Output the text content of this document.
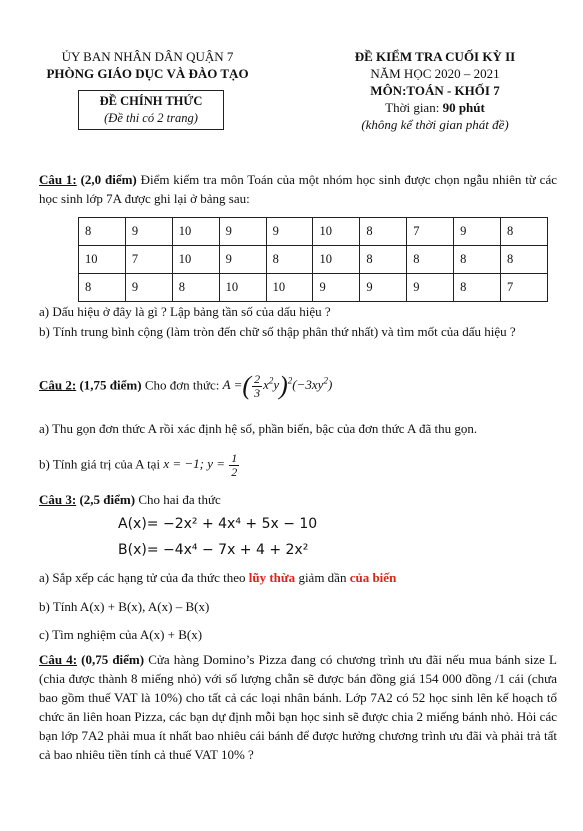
ỦY BAN NHÂN DÂN QUẬN 7
PHÒNG GIÁO DỤC VÀ ĐÀO TẠO
ĐỀ CHÍNH THỨC
(Đề thi có 2 trang)
ĐỀ KIỂM TRA CUỐI KỲ II
NĂM HỌC 2020 – 2021
MÔN:TOÁN - KHỐI 7
Thời gian: 90 phút
(không kể thời gian phát đề)
Câu 1: (2,0 điểm) Điểm kiểm tra môn Toán của một nhóm học sinh được chọn ngẫu nhiên từ các học sinh lớp 7A được ghi lại ở bảng sau:
8	9	10	9	9	10	8	7	9	8
10	7	10	9	8	10	8	8	8	8
8	9	8	10	10	9	9	9	8	7
a) Dấu hiệu ở đây là gì ? Lập bảng tần số của dấu hiệu ?
b) Tính trung bình cộng (làm tròn đến chữ số thập phân thứ nhất) và tìm mốt của dấu hiệu ?
Câu 2: (1,75 điểm) Cho đơn thức: A =( $\frac{2}{3} x^2y)^2(-3xy^2)$
a) Thu gọn đơn thức A rồi xác định hệ số, phần biến, bậc của đơn thức A đã thu gọn.
b) Tính giá trị của A tại x = −1; $y = \frac{1}{2}$
Câu 3: (2,5 điểm) Cho hai đa thức
A(x)= −2x² + 4x⁴ + 5x − 10
B(x)= −4x⁴ − 7x + 4 + 2x²
a) Sắp xếp các hạng tử của đa thức theo lũy thừa giảm dần của biến
b) Tính A(x) + B(x), A(x) – B(x)
c) Tìm nghiệm của A(x) + B(x)
Câu 4: (0,75 điểm) Cửa hàng Domino’s Pizza đang có chương trình ưu đãi nếu mua bánh size L (chia được thành 8 miếng nhỏ) với số lượng chẵn sẽ được bán đồng giá 154 000 đồng /1 cái (chưa bao gồm thuế VAT là 10%) cho tất cả các loại nhân bánh. Lớp 7A2 có 52 học sinh lên kế hoạch tổ chức ăn liên hoan Pizza, các bạn dự định mỗi bạn học sinh sẽ được chia 2 miếng bánh nhỏ. Hỏi các bạn lớp 7A2 phải mua ít nhất bao nhiêu cái bánh để được hưởng chương trình ưu đãi và phải trả tất cả bao nhiêu tiền tính cả thuế VAT 10% ?
